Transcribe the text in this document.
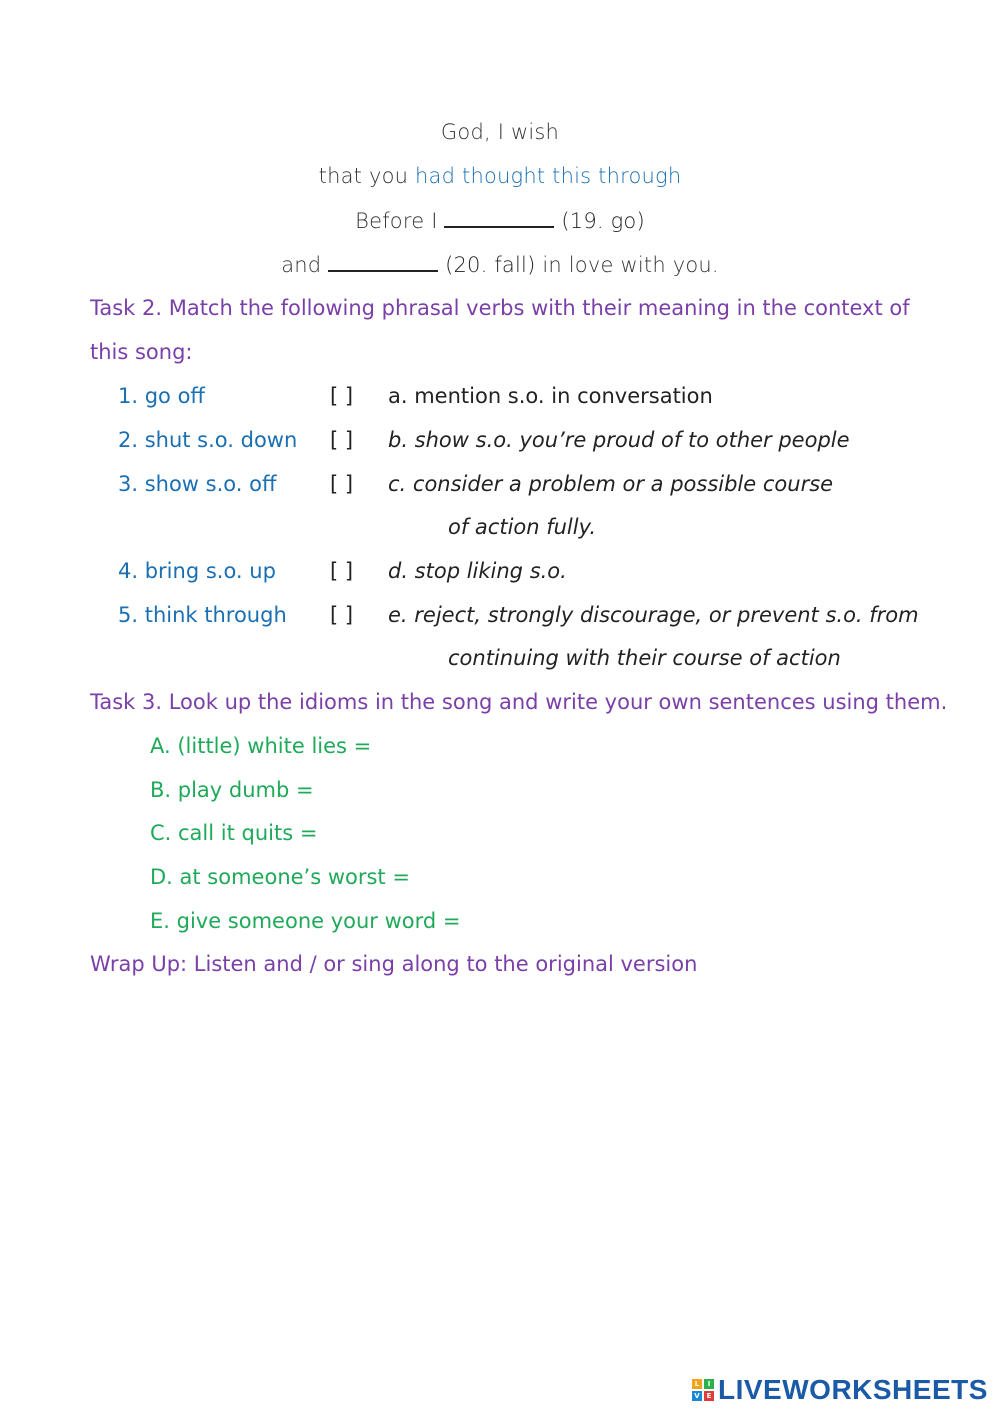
God, I wish
that you had thought this through
Before I	(19. go)
and	(20. fall) in love with you.
Task 2. Match the following phrasal verbs with their meaning in the context of
this song:
1. go off	[ ] a. mention s.o. in conversation
2. shut s.o. down [ ] b. show s.o. you’re proud of to other people
3. show s.o. off	[ ] c. consider a problem or a possible course
of action fully.
4. bring s.o. up	[ ] d. stop liking s.o.
5. think through [ ] e. reject, strongly discourage, or prevent s.o. from
continuing with their course of action
Task 3. Look up the idioms in the song and write your own sentences using them.
A. (little) white lies =
B. play dumb =
C. call it quits =
D. at someone’s worst =
E. give someone your word =
Wrap Up: Listen and / or sing along to the original version
L	I
V E LIVEWORKSHEETS
